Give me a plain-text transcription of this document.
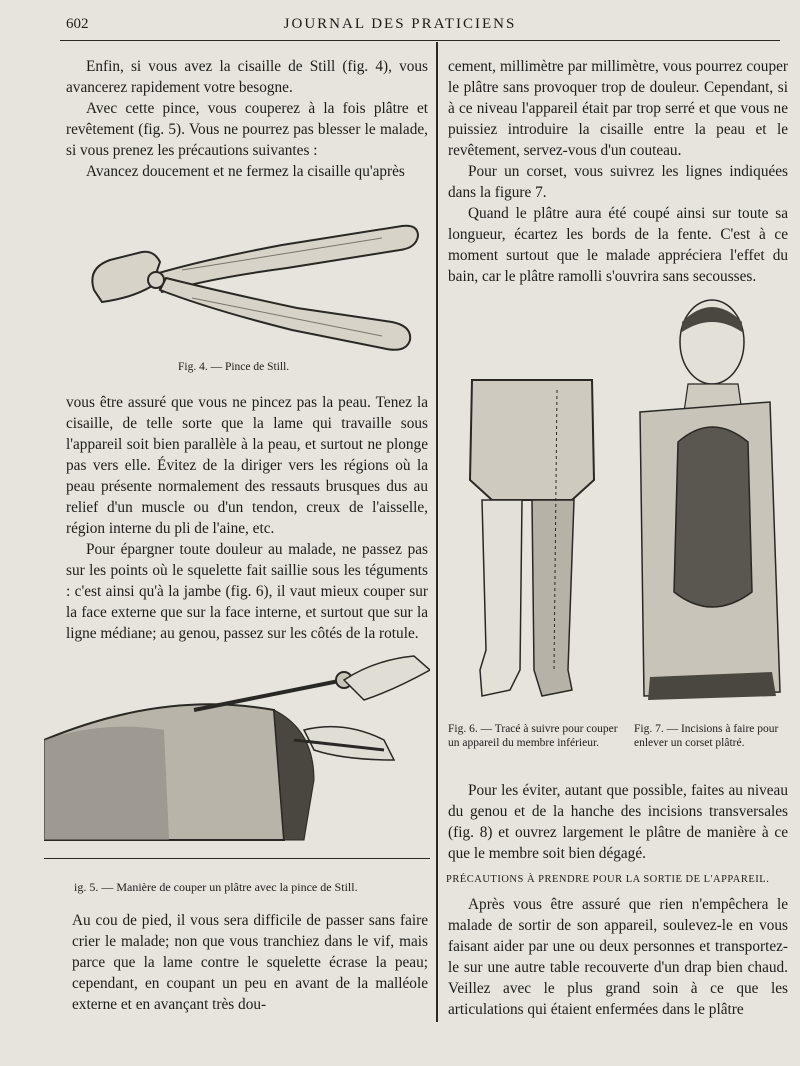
602	JOURNAL DES PRATICIENS

Enfin, si vous avez la cisaille de Still (fig. 4), vous avancerez rapidement votre besogne.

Avec cette pince, vous couperez à la fois plâtre et revêtement (fig. 5). Vous ne pourrez pas blesser le malade, si vous prenez les précautions suivantes :

Avancez doucement et ne fermez la cisaille qu'après

Fig. 4. — Pince de Still.

vous être assuré que vous ne pincez pas la peau. Tenez la cisaille, de telle sorte que la lame qui travaille sous l'appareil soit bien parallèle à la peau, et surtout ne plonge pas vers elle. Évitez de la diriger vers les régions où la peau présente normalement des ressauts brusques dus au relief d'un muscle ou d'un tendon, creux de l'aisselle, région interne du pli de l'aine, etc.

Pour épargner toute douleur au malade, ne passez pas sur les points où le squelette fait saillie sous les téguments : c'est ainsi qu'à la jambe (fig. 6), il vaut mieux couper sur la face externe que sur la face interne, et surtout que sur la ligne médiane; au genou, passez sur les côtés de la rotule.

ig. 5. — Manière de couper un plâtre avec la pince de Still.

Au cou de pied, il vous sera difficile de passer sans faire crier le malade; non que vous tranchiez dans le vif, mais parce que la lame contre le squelette écrase la peau; cependant, en coupant un peu en avant de la malléole externe et en avançant très dou-

cement, millimètre par millimètre, vous pourrez couper le plâtre sans provoquer trop de douleur. Cependant, si à ce niveau l'appareil était par trop serré et que vous ne puissiez introduire la cisaille entre la peau et le revêtement, servez-vous d'un couteau.

Pour un corset, vous suivrez les lignes indiquées dans la figure 7.

Quand le plâtre aura été coupé ainsi sur toute sa longueur, écartez les bords de la fente. C'est à ce moment surtout que le malade appréciera l'effet du bain, car le plâtre ramolli s'ouvrira sans secousses.

Fig. 6. — Tracé à suivre pour couper un appareil du membre inférieur.
Fig. 7. — Incisions à faire pour enlever un corset plâtré.

Pour les éviter, autant que possible, faites au niveau du genou et de la hanche des incisions transversales (fig. 8) et ouvrez largement le plâtre de manière à ce que le membre soit bien dégagé.

PRÉCAUTIONS À PRENDRE POUR LA SORTIE DE L'APPAREIL.

Après vous être assuré que rien n'empêchera le malade de sortir de son appareil, soulevez-le en vous faisant aider par une ou deux personnes et transportez-le sur une autre table recouverte d'un drap bien chaud. Veillez avec le plus grand soin à ce que les articulations qui étaient enfermées dans le plâtre
